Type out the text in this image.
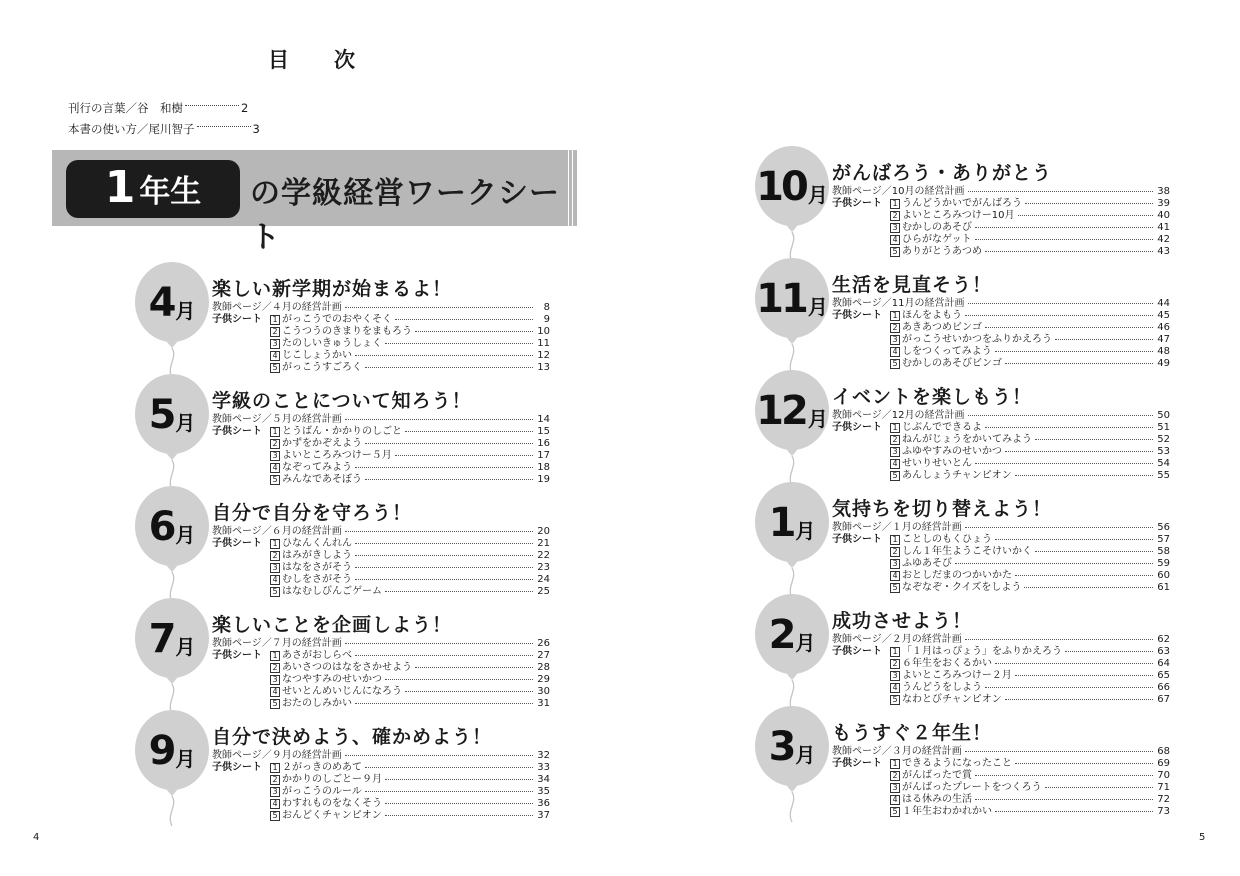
目　次
刊行の言葉／谷　和樹	2
本書の使い方／尾川智子	3
1 年生 の学級経営ワークシート
4 月
楽しい新学期が始まるよ！
教師ページ／４月の経営計画	8
子供シート	1 がっこうでのおやくそく	9
2 こうつうのきまりをまもろう	10
3 たのしいきゅうしょく	11
4 じこしょうかい	12
5 がっこうすごろく	13
5 月
学級のことについて知ろう！
教師ページ／５月の経営計画	14
子供シート	1 とうばん・かかりのしごと	15
2 かずをかぞえよう	16
3 よいところみつけー５月	17
4 なぞってみよう	18
5 みんなであそぼう	19
6 月
自分で自分を守ろう！
教師ページ／６月の経営計画	20
子供シート	1 ひなんくんれん	21
2 はみがきしよう	22
3 はなをさがそう	23
4 むしをさがそう	24
5 はなむしびんごゲーム	25
7 月
楽しいことを企画しよう！
教師ページ／７月の経営計画	26
子供シート	1 あさがおしらべ	27
2 あいさつのはなをさかせよう	28
3 なつやすみのせいかつ	29
4 せいとんめいじんになろう	30
5 おたのしみかい	31
9 月
自分で決めよう、確かめよう！
教師ページ／９月の経営計画	32
子供シート	1 ２がっきのめあて	33
2 かかりのしごとー９月	34
3 がっこうのルール	35
4 わすれものをなくそう	36
5 おんどくチャンピオン	37
10 月
がんばろう・ありがとう
教師ページ／10月の経営計画	38
子供シート	1 うんどうかいでがんばろう	39
2 よいところみつけー10月	40
3 むかしのあそび	41
4 ひらがなゲット	42
5 ありがとうあつめ	43
11 月
生活を見直そう！
教師ページ／11月の経営計画	44
子供シート	1 ほんをよもう	45
2 あきあつめビンゴ	46
3 がっこうせいかつをふりかえろう	47
4 しをつくってみよう	48
5 むかしのあそびビンゴ	49
12 月
イベントを楽しもう！
教師ページ／12月の経営計画	50
子供シート	1 じぶんでできるよ	51
2 ねんがじょうをかいてみよう	52
3 ふゆやすみのせいかつ	53
4 せいりせいとん	54
5 あんしょうチャンピオン	55
1 月
気持ちを切り替えよう！
教師ページ／１月の経営計画	56
子供シート	1 ことしのもくひょう	57
2 しん１年生ようこそけいかく	58
3 ふゆあそび	59
4 おとしだまのつかいかた	60
5 なぞなぞ・クイズをしよう	61
2 月
成功させよう！
教師ページ／２月の経営計画	62
子供シート	1 「１月はっぴょう」をふりかえろう	63
2 ６年生をおくるかい	64
3 よいところみつけー２月	65
4 うんどうをしよう	66
5 なわとびチャンピオン	67
3 月
もうすぐ２年生！
教師ページ／３月の経営計画	68
子供シート	1 できるようになったこと	69
2 がんばったで賞	70
3 がんばったプレートをつくろう	71
4 はる休みの生活	72
5 １年生おわかれかい	73
4	5
